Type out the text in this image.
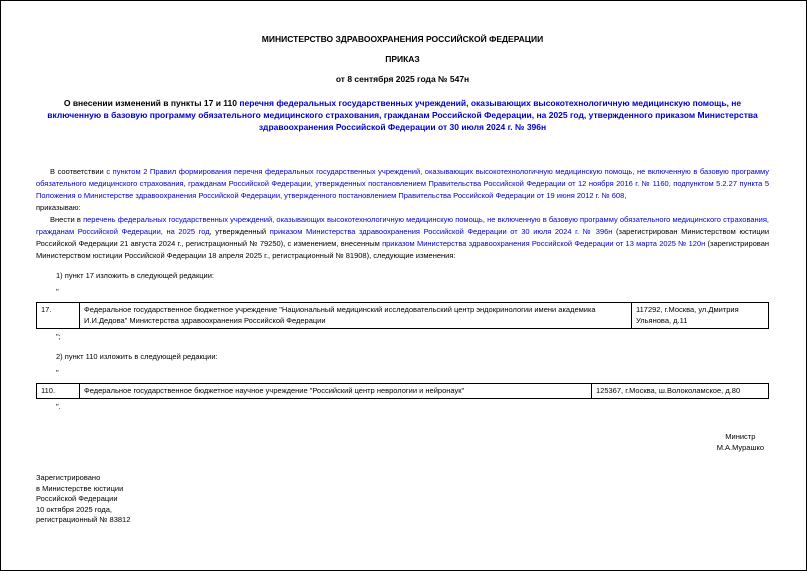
МИНИСТЕРСТВО ЗДРАВООХРАНЕНИЯ РОССИЙСКОЙ ФЕДЕРАЦИИ
ПРИКАЗ
от 8 сентября 2025 года № 547н
О внесении изменений в пункты 17 и 110 перечня федеральных государственных учреждений, оказывающих высокотехнологичную медицинскую помощь, не включенную в базовую программу обязательного медицинского страхования, гражданам Российской Федерации, на 2025 год, утвержденного приказом Министерства здравоохранения Российской Федерации от 30 июля 2024 г. № 396н

В соответствии с пунктом 2 Правил формирования перечня федеральных государственных учреждений, оказывающих высокотехнологичную медицинскую помощь, не включенную в базовую программу обязательного медицинского страхования, гражданам Российской Федерации, утвержденных постановлением Правительства Российской Федерации от 12 ноября 2016 г. № 1160, подпунктом 5.2.27 пункта 5 Положения о Министерстве здравоохранения Российской Федерации, утвержденного постановлением Правительства Российской Федерации от 19 июня 2012 г. № 608,

приказываю:

Внести в перечень федеральных государственных учреждений, оказывающих высокотехнологичную медицинскую помощь, не включенную в базовую программу обязательного медицинского страхования, гражданам Российской Федерации, на 2025 год, утвержденный приказом Министерства здравоохранения Российской Федерации от 30 июля 2024 г. № 396н (зарегистрирован Министерством юстиции Российской Федерации 21 августа 2024 г., регистрационный № 79250), с изменением, внесенным приказом Министерства здравоохранения Российской Федерации от 13 марта 2025 № 120н (зарегистрирован Министерством юстиции Российской Федерации 18 апреля 2025 г., регистрационный № 81908), следующие изменения:

1) пункт 17 изложить в следующей редакции:

"
17.	Федеральное государственное бюджетное учреждение "Национальный медицинский исследовательский центр эндокринологии имени академика И.И.Дедова" Министерства здравоохранения Российской Федерации	117292, г.Москва, ул.Дмитрия Ульянова, д.11
";

2) пункт 110 изложить в следующей редакции:

"
110.	Федеральное государственное бюджетное научное учреждение "Российский центр неврологии и нейронаук"	125367, г.Москва, ш.Волоколамское, д.80
".
Министр
М.А.Мурашко
Зарегистрировано
в Министерстве юстиции
Российской Федерации
10 октября 2025 года,
регистрационный № 83812
